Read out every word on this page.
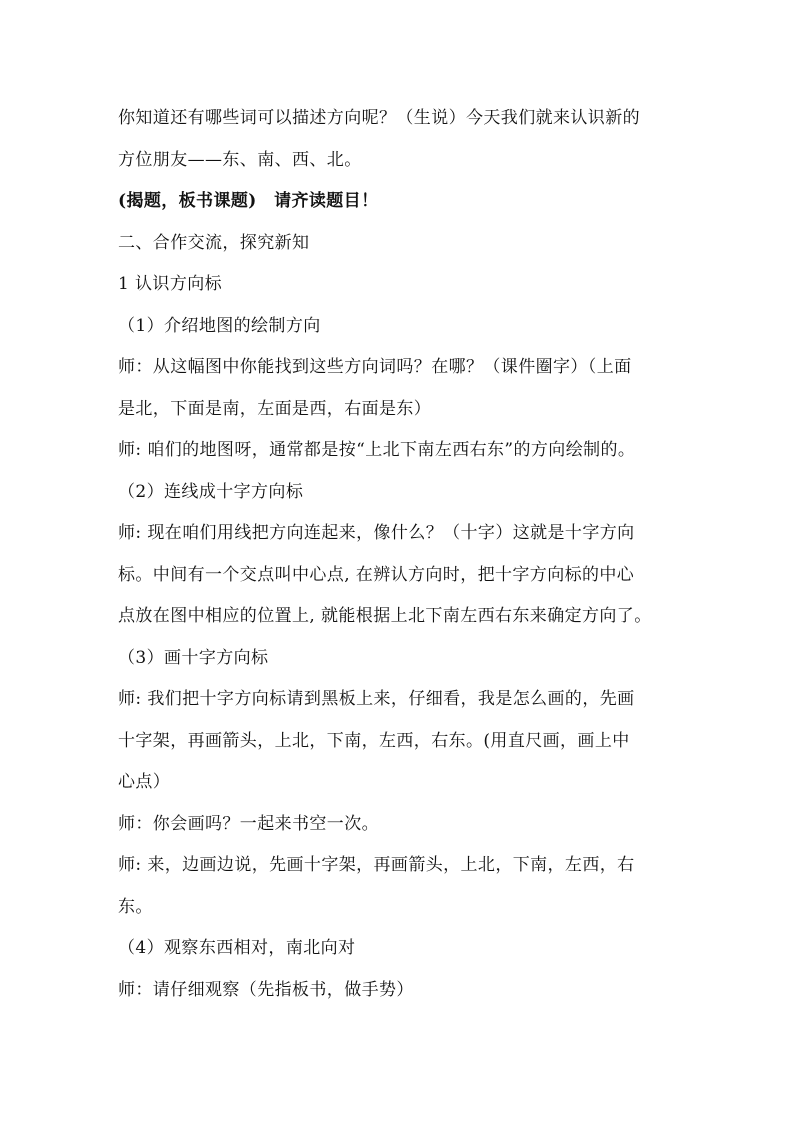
你知道还有哪些词可以描述方向呢？（生说）今天我们就来认识新的
方位朋友——东、南、西、北。
(揭题，板书课题)　请齐读题目！
二、合作交流，探究新知
1 认识方向标
（1）介绍地图的绘制方向
师：从这幅图中你能找到这些方向词吗？在哪？（课件圈字）（上面
是北，下面是南，左面是西，右面是东）
师: 咱们的地图呀，通常都是按“上北下南左西右东”的方向绘制的。
（2）连线成十字方向标
师: 现在咱们用线把方向连起来，像什么？（十字）这就是十字方向
标。中间有一个交点叫中心点, 在辨认方向时，把十字方向标的中心
点放在图中相应的位置上, 就能根据上北下南左西右东来确定方向了。
（3）画十字方向标
师: 我们把十字方向标请到黑板上来，仔细看，我是怎么画的，先画
十字架，再画箭头，上北，下南，左西，右东。(用直尺画，画上中
心点）
师：你会画吗？一起来书空一次。
师: 来，边画边说，先画十字架，再画箭头，上北，下南，左西，右
东。
（4）观察东西相对，南北向对
师：请仔细观察（先指板书，做手势）
